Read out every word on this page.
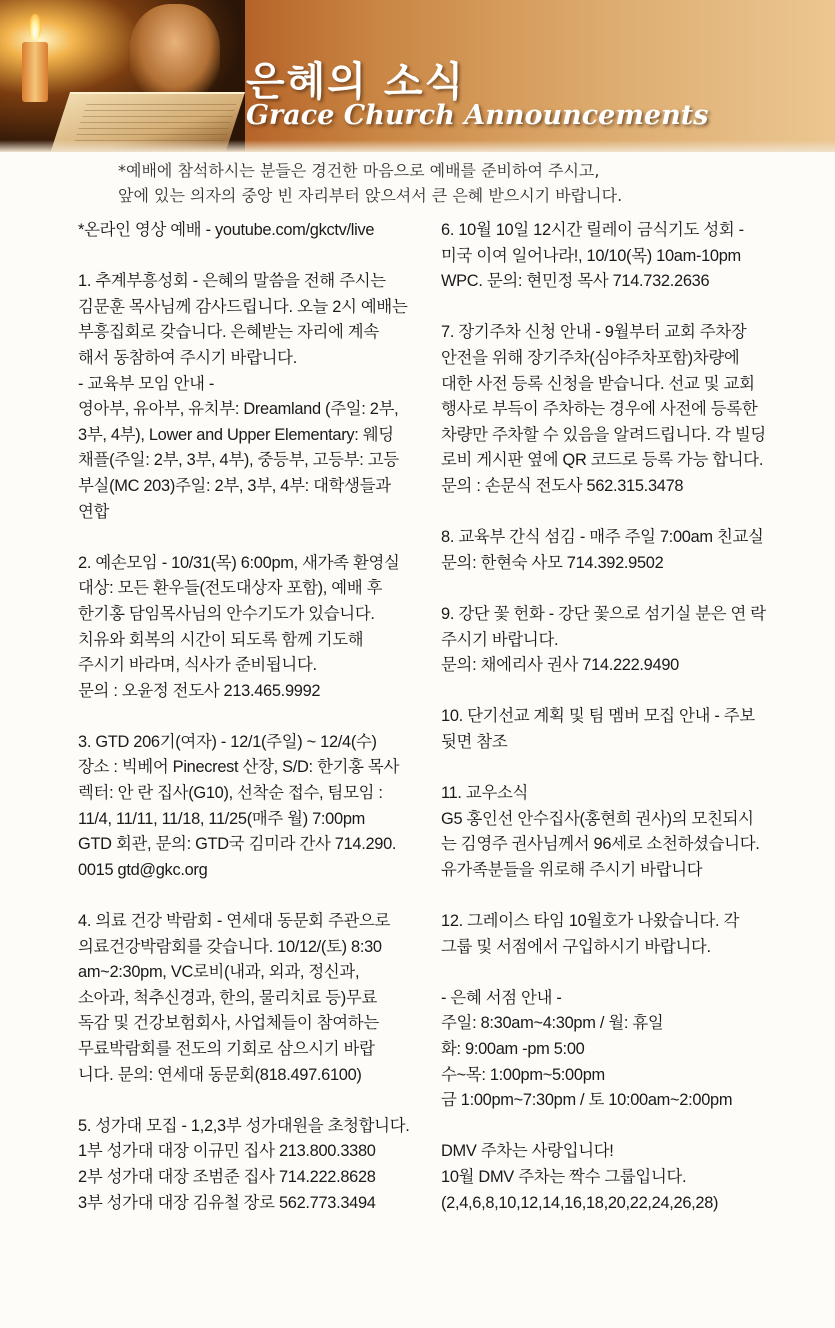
은혜의 소식
Grace Church Announcements
*예배에 참석하시는 분들은 경건한 마음으로 예배를 준비하여 주시고,
앞에 있는 의자의 중앙 빈 자리부터 앉으셔서 큰 은혜 받으시기 바랍니다.
*온라인 영상 예배 - youtube.com/gkctv/live
1. 추계부흥성회 - 은혜의 말씀을 전해 주시는
김문훈 목사님께 감사드립니다. 오늘 2시 예배는
부흥집회로 갖습니다. 은혜받는 자리에 계속
해서 동참하여 주시기 바랍니다.
- 교육부 모임 안내 -
영아부, 유아부, 유치부: Dreamland (주일: 2부,
3부, 4부), Lower and Upper Elementary: 웨딩
채플(주일: 2부, 3부, 4부), 중등부, 고등부: 고등
부실(MC 203)주일: 2부, 3부, 4부: 대학생들과
연합
2. 예손모임 - 10/31(목) 6:00pm, 새가족 환영실
대상: 모든 환우들(전도대상자 포함), 예배 후
한기홍 담임목사님의 안수기도가 있습니다.
치유와 회복의 시간이 되도록 함께 기도해
주시기 바라며, 식사가 준비됩니다.
문의 : 오윤정 전도사 213.465.9992
3. GTD 206기(여자) - 12/1(주일) ~ 12/4(수)
장소 : 빅베어 Pinecrest 산장, S/D: 한기홍 목사
렉터: 안 란 집사(G10), 선착순 접수, 팀모임 :
11/4, 11/11, 11/18, 11/25(매주 월) 7:00pm
GTD 회관, 문의: GTD국 김미라 간사 714.290.
0015 gtd@gkc.org
4. 의료 건강 박람회 - 연세대 동문회 주관으로
의료건강박람회를 갖습니다. 10/12/(토) 8:30
am~2:30pm, VC로비(내과, 외과, 정신과,
소아과, 척추신경과, 한의, 물리치료 등)무료
독감 및 건강보험회사, 사업체들이 참여하는
무료박람회를 전도의 기회로 삼으시기 바랍
니다. 문의: 연세대 동문회(818.497.6100)
5. 성가대 모집 - 1,2,3부 성가대원을 초청합니다.
1부 성가대 대장 이규민 집사 213.800.3380
2부 성가대 대장 조범준 집사 714.222.8628
3부 성가대 대장 김유철 장로 562.773.3494
6. 10월 10일 12시간 릴레이 금식기도 성회 -
미국 이여 일어나라!, 10/10(목) 10am-10pm
WPC. 문의: 현민정 목사 714.732.2636
7. 장기주차 신청 안내 - 9월부터 교회 주차장
안전을 위해 장기주차(심야주차포함)차량에
대한 사전 등록 신청을 받습니다. 선교 및 교회
행사로 부득이 주차하는 경우에 사전에 등록한
차량만 주차할 수 있음을 알려드립니다. 각 빌딩
로비 게시판 옆에 QR 코드로 등록 가능 합니다.
문의 : 손문식 전도사 562.315.3478
8. 교육부 간식 섬김 - 매주 주일 7:00am 친교실
문의: 한현숙 사모 714.392.9502
9. 강단 꽃 헌화 - 강단 꽃으로 섬기실 분은 연 락
주시기 바랍니다.
문의: 채에리사 권사 714.222.9490
10. 단기선교 계획 및 팀 멤버 모집 안내 - 주보
뒷면 참조
11. 교우소식
G5 홍인선 안수집사(홍현희 권사)의 모친되시
는 김영주 권사님께서 96세로 소천하셨습니다.
유가족분들을 위로해 주시기 바랍니다
12. 그레이스 타임 10월호가 나왔습니다. 각
그룹 및 서점에서 구입하시기 바랍니다.
- 은혜 서점 안내 -
주일: 8:30am~4:30pm / 월: 휴일
화: 9:00am -pm 5:00
수~목: 1:00pm~5:00pm
금 1:00pm~7:30pm / 토 10:00am~2:00pm
DMV 주차는 사랑입니다!
10월 DMV 주차는 짝수 그룹입니다.
(2,4,6,8,10,12,14,16,18,20,22,24,26,28)
